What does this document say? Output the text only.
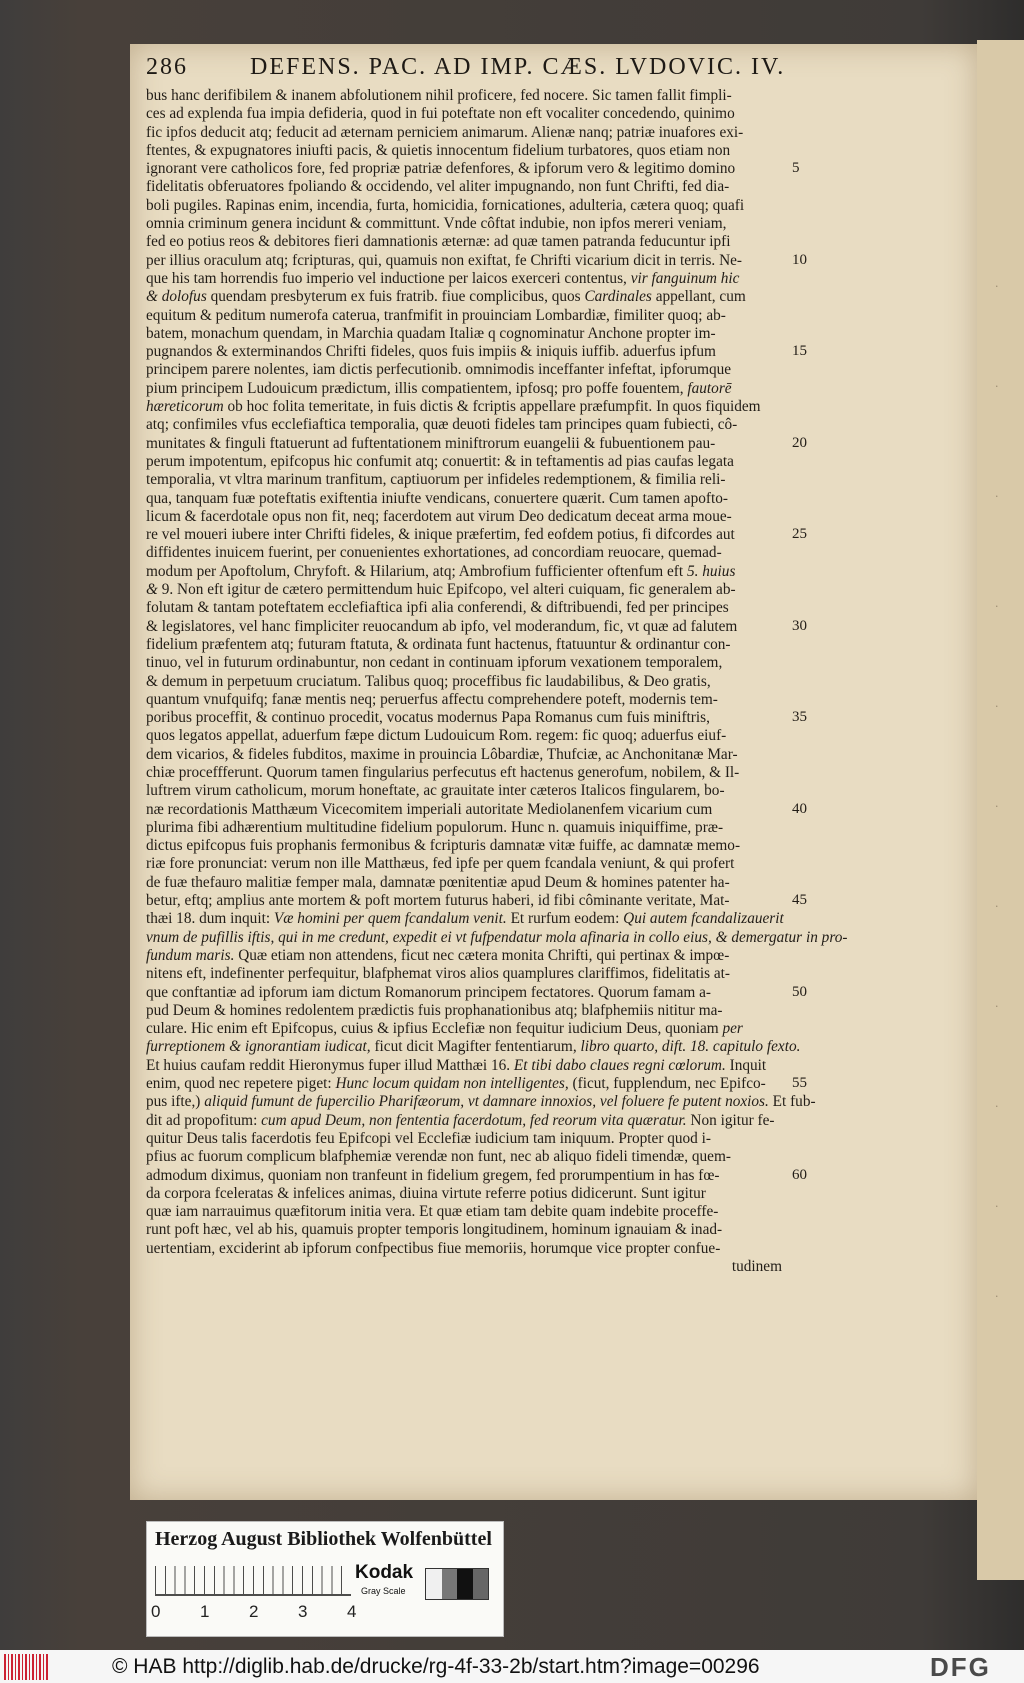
·
·
·
·
·
·
·
·
·
·
·
286	DEFENS. PAC. AD IMP. CÆS. LVDOVIC. IV.
bus hanc derifibilem & inanem abfolutionem nihil proficere, fed nocere. Sic tamen fallit fimpli-
ces ad explenda fua impia defideria, quod in fui poteftate non eft vocaliter concedendo, quinimo
fic ipfos deducit atq; feducit ad æternam perniciem animarum. Alienæ nanq; patriæ inuafores exi-
ftentes, & expugnatores iniufti pacis, & quietis innocentum fidelium turbatores, quos etiam non
ignorant vere catholicos fore, fed propriæ patriæ defenfores, & ipforum vero & legitimo domino
fidelitatis obferuatores fpoliando & occidendo, vel aliter impugnando, non funt Chrifti, fed dia-
boli pugiles. Rapinas enim, incendia, furta, homicidia, fornicationes, adulteria, cætera quoq; quafi
omnia criminum genera incidunt & committunt. Vnde côftat indubie, non ipfos mereri veniam,
fed eo potius reos & debitores fieri damnationis æternæ: ad quæ tamen patranda feducuntur ipfi
per illius oraculum atq; fcripturas, qui, quamuis non exiftat, fe Chrifti vicarium dicit in terris. Ne-
que his tam horrendis fuo imperio vel inductione per laicos exerceri contentus, vir fanguinum hic
& dolofus quendam presbyterum ex fuis fratrib. fiue complicibus, quos Cardinales appellant, cum
equitum & peditum numerofa caterua, tranfmifit in prouinciam Lombardiæ, fimiliter quoq; ab-
batem, monachum quendam, in Marchia quadam Italiæ q cognominatur Anchone propter im-
pugnandos & exterminandos Chrifti fideles, quos fuis impiis & iniquis iuffib. aduerfus ipfum
principem parere nolentes, iam dictis perfecutionib. omnimodis inceffanter infeftat, ipforumque
pium principem Ludouicum prædictum, illis compatientem, ipfosq; pro poffe fouentem, fautorē
hæreticorum ob hoc folita temeritate, in fuis dictis & fcriptis appellare præfumpfit. In quos fiquidem
atq; confimiles vfus ecclefiaftica temporalia, quæ deuoti fideles tam principes quam fubiecti, cô-
munitates & finguli ftatuerunt ad fuftentationem miniftrorum euangelii & fubuentionem pau-
perum impotentum, epifcopus hic confumit atq; conuertit: & in teftamentis ad pias caufas legata
temporalia, vt vltra marinum tranfitum, captiuorum per infideles redemptionem, & fimilia reli-
qua, tanquam fuæ poteftatis exiftentia iniufte vendicans, conuertere quærit. Cum tamen apofto-
licum & facerdotale opus non fit, neq; facerdotem aut virum Deo dedicatum deceat arma moue-
re vel moueri iubere inter Chrifti fideles, & inique præfertim, fed eofdem potius, fi difcordes aut
diffidentes inuicem fuerint, per conuenientes exhortationes, ad concordiam reuocare, quemad-
modum per Apoftolum, Chryfoft. & Hilarium, atq; Ambrofium fufficienter oftenfum eft 5. huius
& 9. Non eft igitur de cætero permittendum huic Epifcopo, vel alteri cuiquam, fic generalem ab-
folutam & tantam poteftatem ecclefiaftica ipfi alia conferendi, & diftribuendi, fed per principes
& legislatores, vel hanc fimpliciter reuocandum ab ipfo, vel moderandum, fic, vt quæ ad falutem
fidelium præfentem atq; futuram ftatuta, & ordinata funt hactenus, ftatuuntur & ordinantur con-
tinuo, vel in futurum ordinabuntur, non cedant in continuam ipforum vexationem temporalem,
& demum in perpetuum cruciatum. Talibus quoq; proceffibus fic laudabilibus, & Deo gratis,
quantum vnufquifq; fanæ mentis neq; peruerfus affectu comprehendere poteft, modernis tem-
poribus proceffit, & continuo procedit, vocatus modernus Papa Romanus cum fuis miniftris,
quos legatos appellat, aduerfum fæpe dictum Ludouicum Rom. regem: fic quoq; aduerfus eiuf-
dem vicarios, & fideles fubditos, maxime in prouincia Lôbardiæ, Thufciæ, ac Anchonitanæ Mar-
chiæ proceffferunt. Quorum tamen fingularius perfecutus eft hactenus generofum, nobilem, & Il-
luftrem virum catholicum, morum honeftate, ac grauitate inter cæteros Italicos fingularem, bo-
næ recordationis Matthæum Vicecomitem imperiali autoritate Mediolanenfem vicarium cum
plurima fibi adhærentium multitudine fidelium populorum. Hunc n. quamuis iniquiffime, præ-
dictus epifcopus fuis prophanis fermonibus & fcripturis damnatæ vitæ fuiffe, ac damnatæ memo-
riæ fore pronunciat: verum non ille Matthæus, fed ipfe per quem fcandala veniunt, & qui profert
de fuæ thefauro malitiæ femper mala, damnatæ pœnitentiæ apud Deum & homines patenter ha-
betur, eftq; amplius ante mortem & poft mortem futurus haberi, id fibi côminante veritate, Mat-
thæi 18. dum inquit: Væ homini per quem fcandalum venit. Et rurfum eodem: Qui autem fcandalizauerit
vnum de pufillis iftis, qui in me credunt, expedit ei vt fufpendatur mola afinaria in collo eius, & demergatur in pro-
fundum maris. Quæ etiam non attendens, ficut nec cætera monita Chrifti, qui pertinax & impœ-
nitens eft, indefinenter perfequitur, blafphemat viros alios quamplures clariffimos, fidelitatis at-
que conftantiæ ad ipforum iam dictum Romanorum principem fectatores. Quorum famam a-
pud Deum & homines redolentem prædictis fuis prophanationibus atq; blafphemiis nititur ma-
culare. Hic enim eft Epifcopus, cuius & ipfius Ecclefiæ non fequitur iudicium Deus, quoniam per
furreptionem & ignorantiam iudicat, ficut dicit Magifter fententiarum, libro quarto, dift. 18. capitulo fexto.
Et huius caufam reddit Hieronymus fuper illud Matthæi 16. Et tibi dabo claues regni cœlorum. Inquit
enim, quod nec repetere piget: Hunc locum quidam non intelligentes, (ficut, fupplendum, nec Epifco-
pus ifte,) aliquid fumunt de fupercilio Pharifæorum, vt damnare innoxios, vel foluere fe putent noxios. Et fub-
dit ad propofitum: cum apud Deum, non fententia facerdotum, fed reorum vita quæratur. Non igitur fe-
quitur Deus talis facerdotis feu Epifcopi vel Ecclefiæ iudicium tam iniquum. Propter quod i-
pfius ac fuorum complicum blafphemiæ verendæ non funt, nec ab aliquo fideli timendæ, quem-
admodum diximus, quoniam non tranfeunt in fidelium gregem, fed prorumpentium in has fœ-
da corpora fceleratas & infelices animas, diuina virtute referre potius didicerunt. Sunt igitur
quæ iam narrauimus quæfitorum initia vera. Et quæ etiam tam debite quam indebite proceffe-
runt poft hæc, vel ab his, quamuis propter temporis longitudinem, hominum ignauiam & inad-
uertentiam, exciderint ab ipforum confpectibus fiue memoriis, horumque vice propter confue-
tudinem
5
10
15
20
25
30
35
40
45
50
55
60
Herzog August Bibliothek Wolfenbüttel
0 1 2 3 4
Kodak
Gray Scale
© HAB http://diglib.hab.de/drucke/rg-4f-33-2b/start.htm?image=00296	DFG
